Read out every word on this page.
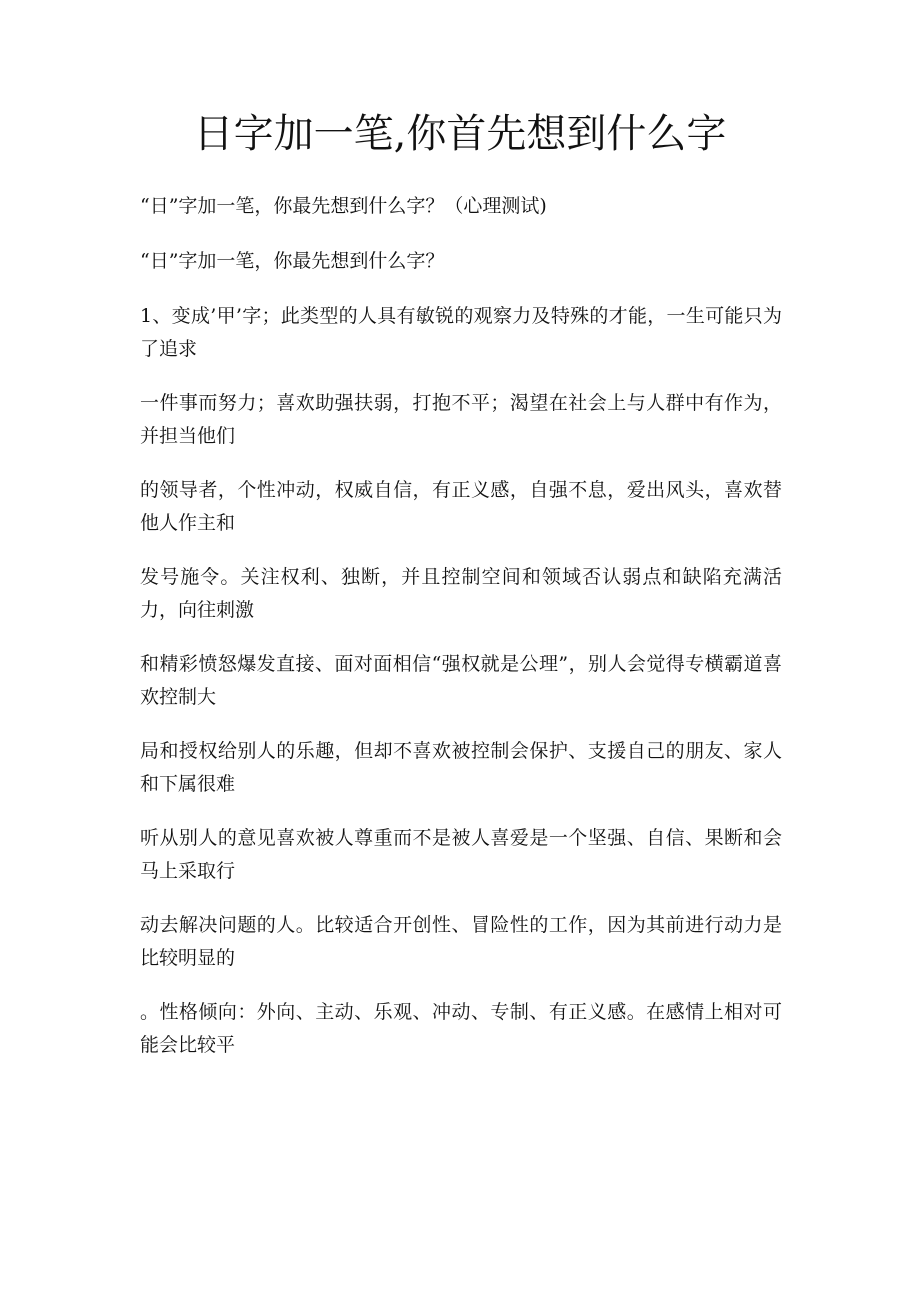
日字加一笔,你首先想到什么字

“日”字加一笔，你最先想到什么字？（心理测试)

“日”字加一笔，你最先想到什么字？

1、变成’甲’字；此类型的人具有敏锐的观察力及特殊的才能，一生可能只为了追求

一件事而努力；喜欢助强扶弱，打抱不平；渴望在社会上与人群中有作为，并担当他们

的领导者，个性冲动，权威自信，有正义感，自强不息，爱出风头，喜欢替他人作主和

发号施令。关注权利、独断，并且控制空间和领域否认弱点和缺陷充满活力，向往刺激

和精彩愤怒爆发直接、面对面相信“强权就是公理”，别人会觉得专横霸道喜欢控制大

局和授权给别人的乐趣，但却不喜欢被控制会保护、支援自己的朋友、家人和下属很难

听从别人的意见喜欢被人尊重而不是被人喜爱是一个坚强、自信、果断和会马上采取行

动去解决问题的人。比较适合开创性、冒险性的工作，因为其前进行动力是比较明显的

。性格倾向：外向、主动、乐观、冲动、专制、有正义感。在感情上相对可能会比较平
